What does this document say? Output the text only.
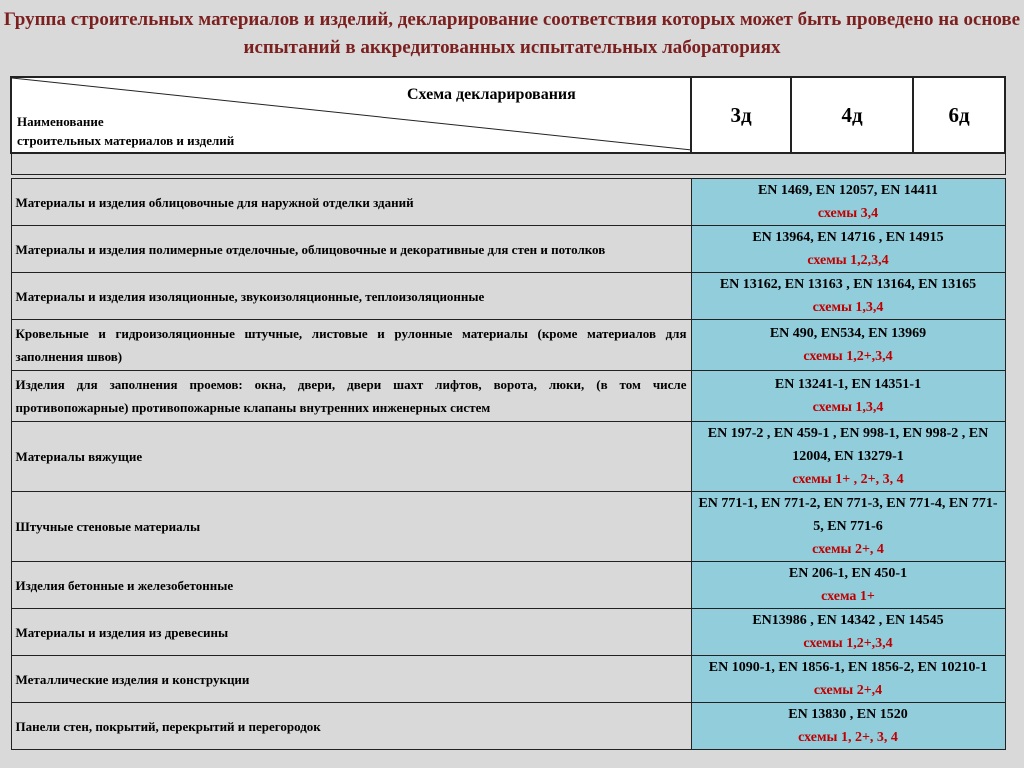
Группа строительных материалов и изделий, декларирование соответствия которых может быть проведено на основе испытаний в аккредитованных испытательных лабораториях
Схема декларирования
Наименование
строительных материалов и изделий	3д	4д	6д

Материалы и изделия облицовочные для наружной отделки зданий	EN 1469, EN 12057, EN 14411
схемы 3,4		

Материалы и изделия полимерные отделочные, облицовочные и декоративные для стен и потолков	EN 13964, EN 14716 , EN 14915
схемы 1,2,3,4		

Материалы и изделия изоляционные, звукоизоляционные, теплоизоляционные	EN 13162, EN 13163 , EN 13164, EN 13165
схемы 1,3,4		

Кровельные и гидроизоляционные штучные, листовые и рулонные материалы (кроме материалов для заполнения швов)	EN 490, EN534, EN 13969
схемы 1,2+,3,4		

Изделия для заполнения проемов: окна, двери, двери шахт лифтов, ворота, люки, (в том числе противопожарные) противопожарные клапаны внутренних инженерных систем	EN 13241-1, EN 14351-1
схемы 1,3,4		

Материалы вяжущие	EN 197-2 , EN 459-1 , EN 998-1, EN 998-2 , EN 12004, EN 13279-1
схемы 1+ , 2+, 3, 4		

Штучные стеновые материалы	EN 771-1, EN 771-2, EN 771-3, EN 771-4, EN 771-5, EN 771-6
схемы 2+, 4		

Изделия бетонные и железобетонные	EN 206-1, EN 450-1
схема 1+		

Материалы и изделия из древесины	EN13986 , EN 14342 , EN 14545
схемы 1,2+,3,4		

Металлические изделия и конструкции	EN 1090-1, EN 1856-1, EN 1856-2, EN 10210-1
схемы 2+,4		

Панели стен, покрытий, перекрытий и перегородок	EN 13830 , EN 1520
схемы 1, 2+, 3, 4		
